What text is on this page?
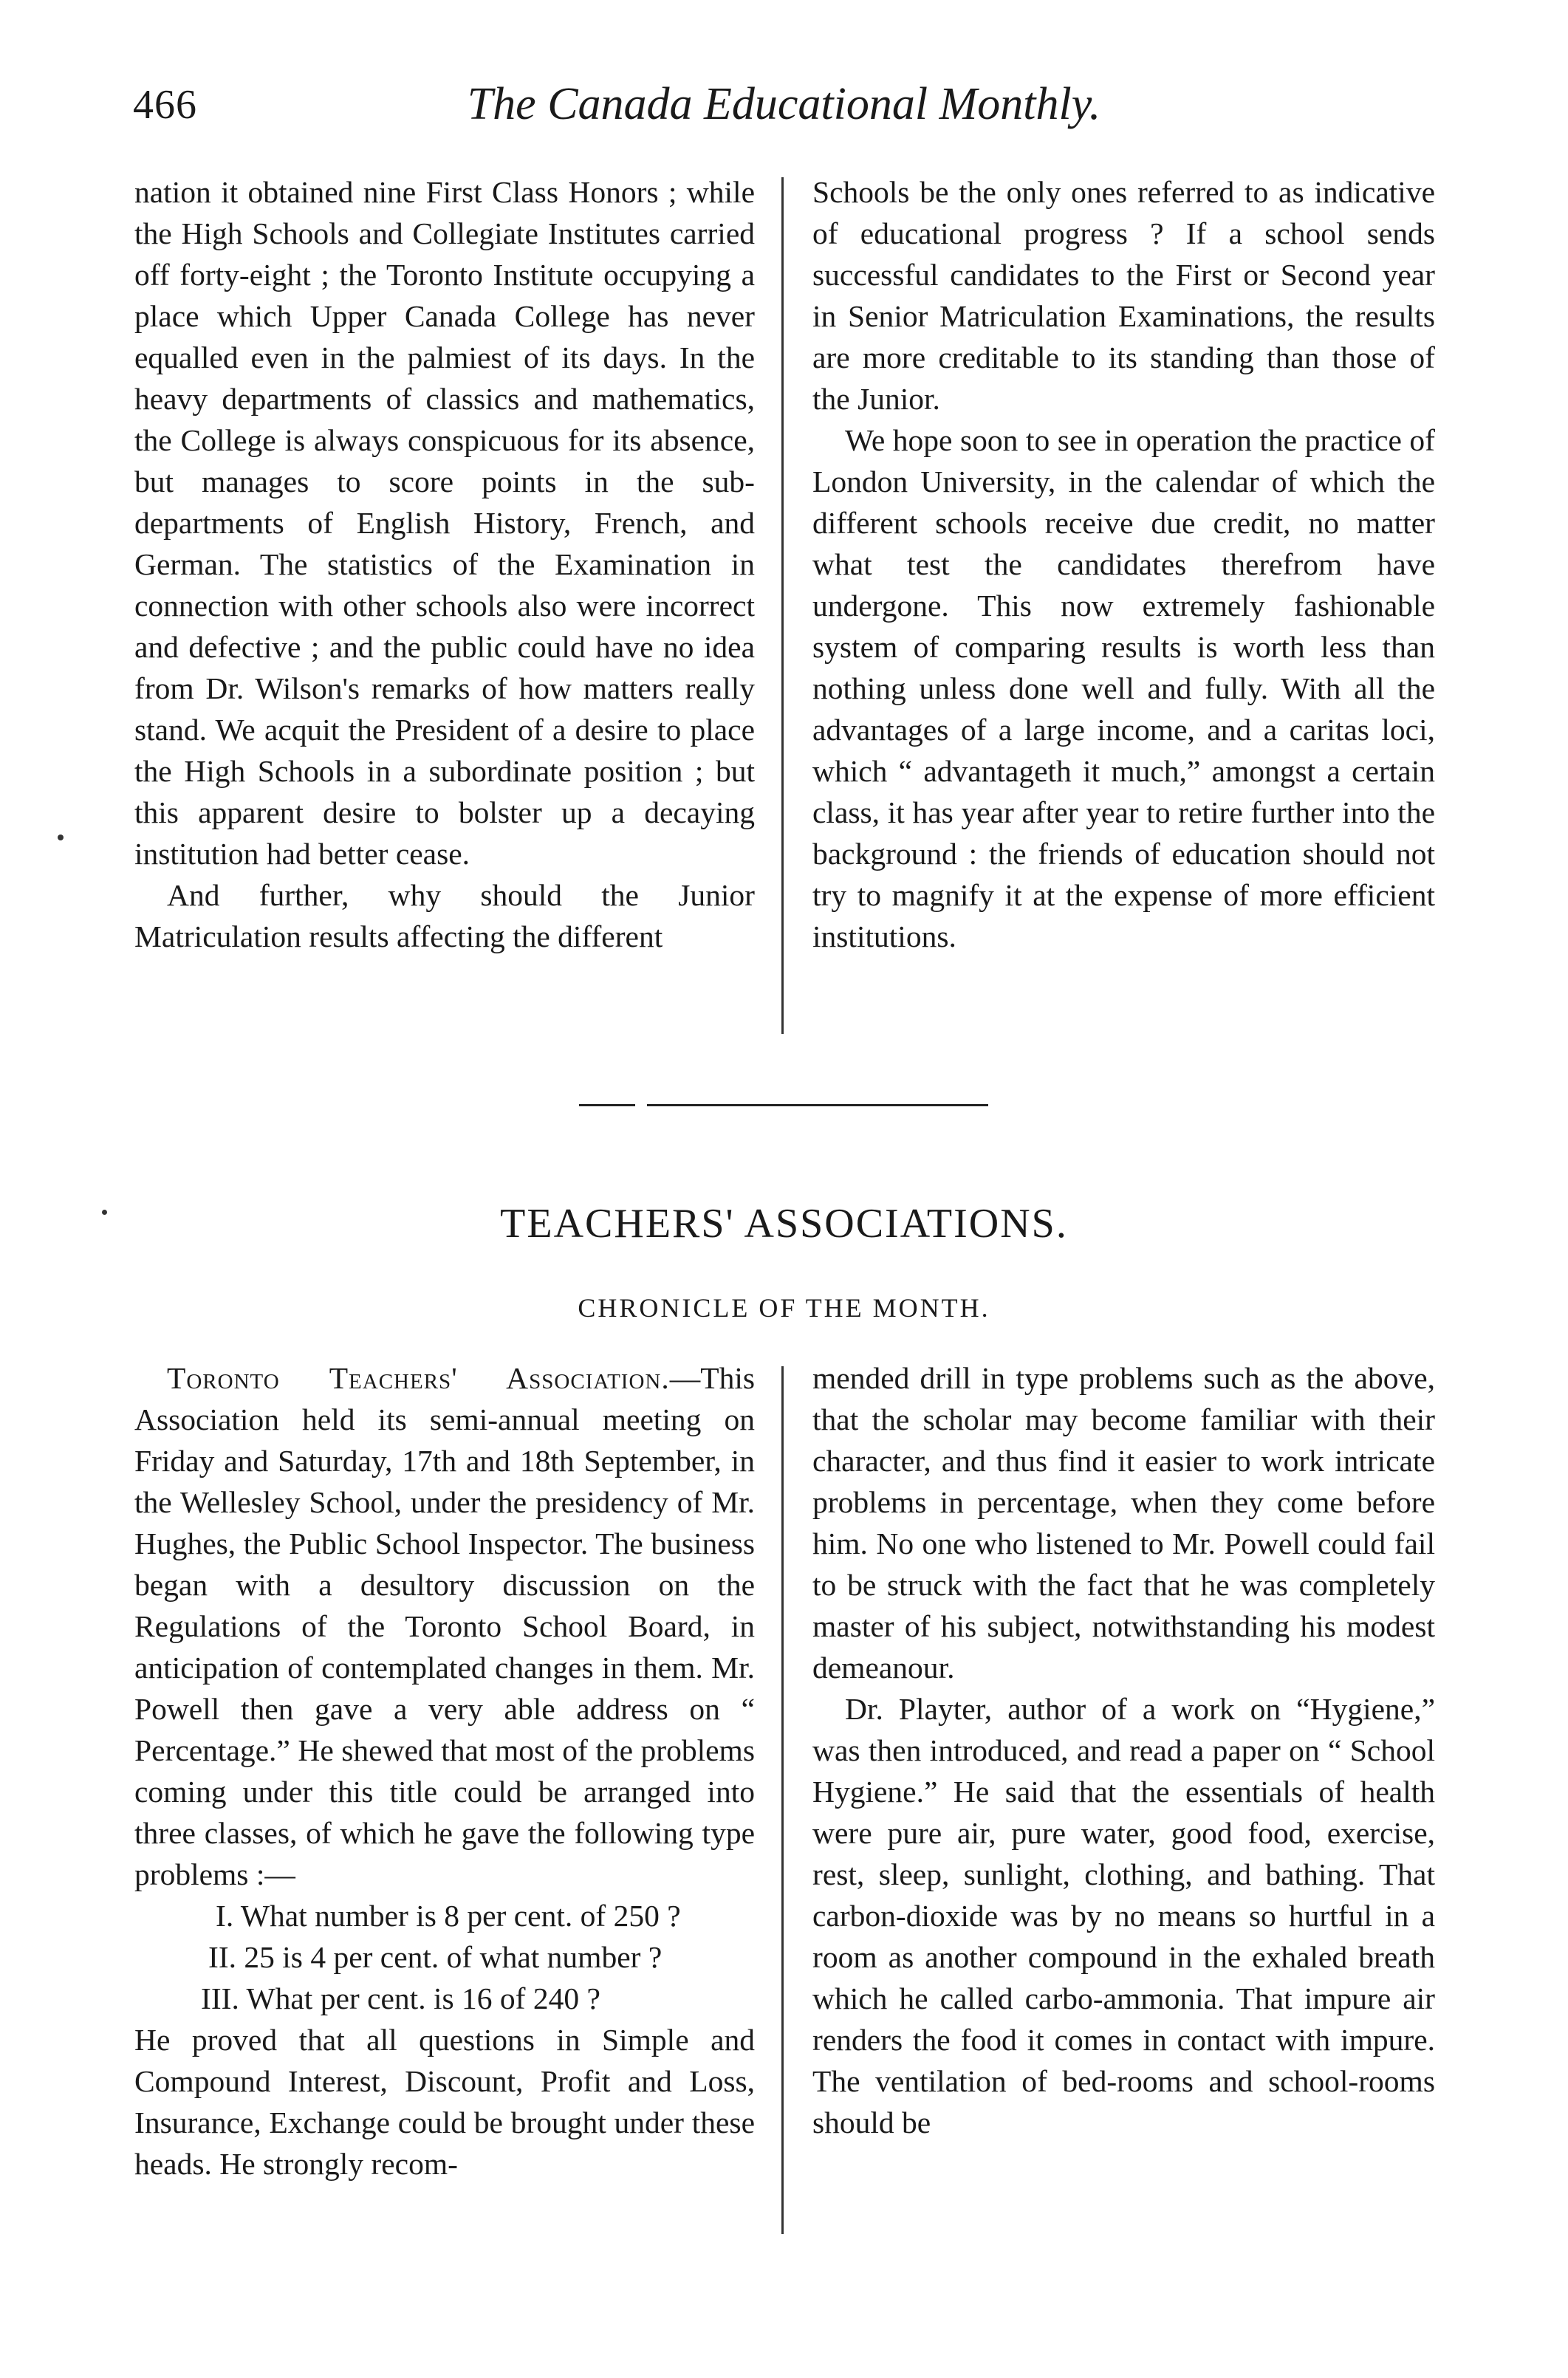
466	The Canada Educational Monthly.

nation it obtained nine First Class Honors ; while the High Schools and Collegiate Institutes carried off forty-eight ; the Toronto Institute occupying a place which Upper Canada College has never equalled even in the palmiest of its days. In the heavy departments of classics and mathematics, the College is always conspicuous for its absence, but manages to score points in the sub-departments of English History, French, and German. The statistics of the Examination in connection with other schools also were incorrect and defective ; and the public could have no idea from Dr. Wilson's remarks of how matters really stand. We acquit the President of a desire to place the High Schools in a subordinate position ; but this apparent desire to bolster up a decaying institution had better cease.

And further, why should the Junior Matriculation results affecting the different

Schools be the only ones referred to as indicative of educational progress ? If a school sends successful candidates to the First or Second year in Senior Matriculation Examinations, the results are more creditable to its standing than those of the Junior.

We hope soon to see in operation the practice of London University, in the calendar of which the different schools receive due credit, no matter what test the candidates therefrom have undergone. This now extremely fashionable system of comparing results is worth less than nothing unless done well and fully. With all the advantages of a large income, and a caritas loci, which “ advantageth it much,” amongst a certain class, it has year after year to retire further into the background : the friends of education should not try to magnify it at the expense of more efficient institutions.

TEACHERS' ASSOCIATIONS.
CHRONICLE OF THE MONTH.

Toronto Teachers' Association.—This Association held its semi-annual meeting on Friday and Saturday, 17th and 18th September, in the Wellesley School, under the presidency of Mr. Hughes, the Public School Inspector. The business began with a desultory discussion on the Regulations of the Toronto School Board, in anticipation of contemplated changes in them. Mr. Powell then gave a very able address on “ Percentage.” He shewed that most of the problems coming under this title could be arranged into three classes, of which he gave the following type problems :—

I. What number is 8 per cent. of 250 ?
II. 25 is 4 per cent. of what number ?
III. What per cent. is 16 of 240 ?

He proved that all questions in Simple and Compound Interest, Discount, Profit and Loss, Insurance, Exchange could be brought under these heads. He strongly recom-

mended drill in type problems such as the above, that the scholar may become familiar with their character, and thus find it easier to work intricate problems in percentage, when they come before him. No one who listened to Mr. Powell could fail to be struck with the fact that he was completely master of his subject, notwithstanding his modest demeanour.

Dr. Playter, author of a work on “Hygiene,” was then introduced, and read a paper on “ School Hygiene.” He said that the essentials of health were pure air, pure water, good food, exercise, rest, sleep, sunlight, clothing, and bathing. That carbon-dioxide was by no means so hurtful in a room as another compound in the exhaled breath which he called carbo-ammonia. That impure air renders the food it comes in contact with impure. The ventilation of bed-rooms and school-rooms should be
